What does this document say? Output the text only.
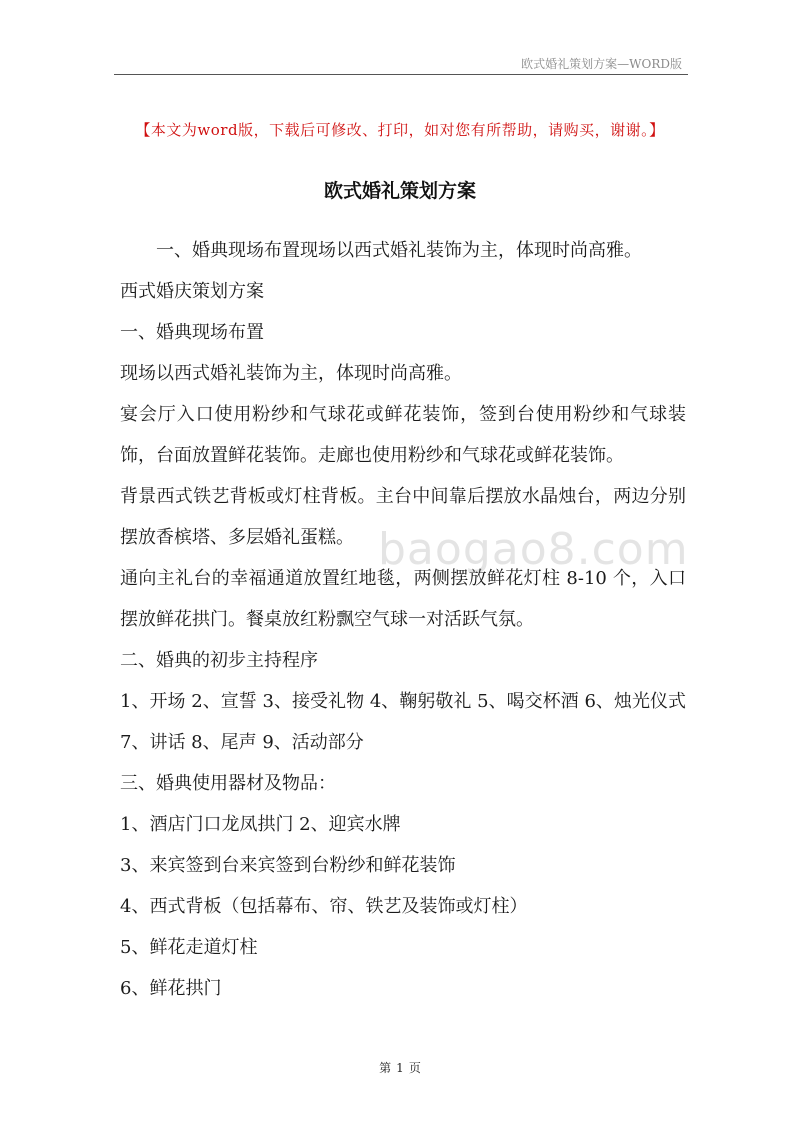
欧式婚礼策划方案—WORD版
【本文为word版，下载后可修改、打印，如对您有所帮助，请购买，谢谢。】
欧式婚礼策划方案

一、婚典现场布置现场以西式婚礼装饰为主，体现时尚高雅。

西式婚庆策划方案

一、婚典现场布置

现场以西式婚礼装饰为主，体现时尚高雅。

宴会厅入口使用粉纱和气球花或鲜花装饰，签到台使用粉纱和气球装饰，台面放置鲜花装饰。走廊也使用粉纱和气球花或鲜花装饰。

背景西式铁艺背板或灯柱背板。主台中间靠后摆放水晶烛台，两边分别摆放香槟塔、多层婚礼蛋糕。

通向主礼台的幸福通道放置红地毯，两侧摆放鲜花灯柱 8-10 个，入口摆放鲜花拱门。餐桌放红粉飘空气球一对活跃气氛。

二、婚典的初步主持程序

1、开场 2、宣誓 3、接受礼物 4、鞠躬敬礼 5、喝交杯酒 6、烛光仪式 7、讲话 8、尾声 9、活动部分

三、婚典使用器材及物品：

1、酒店门口龙凤拱门 2、迎宾水牌

3、来宾签到台来宾签到台粉纱和鲜花装饰

4、西式背板（包括幕布、帘、铁艺及装饰或灯柱）

5、鲜花走道灯柱

6、鲜花拱门

baogao8.com
第 1 页
